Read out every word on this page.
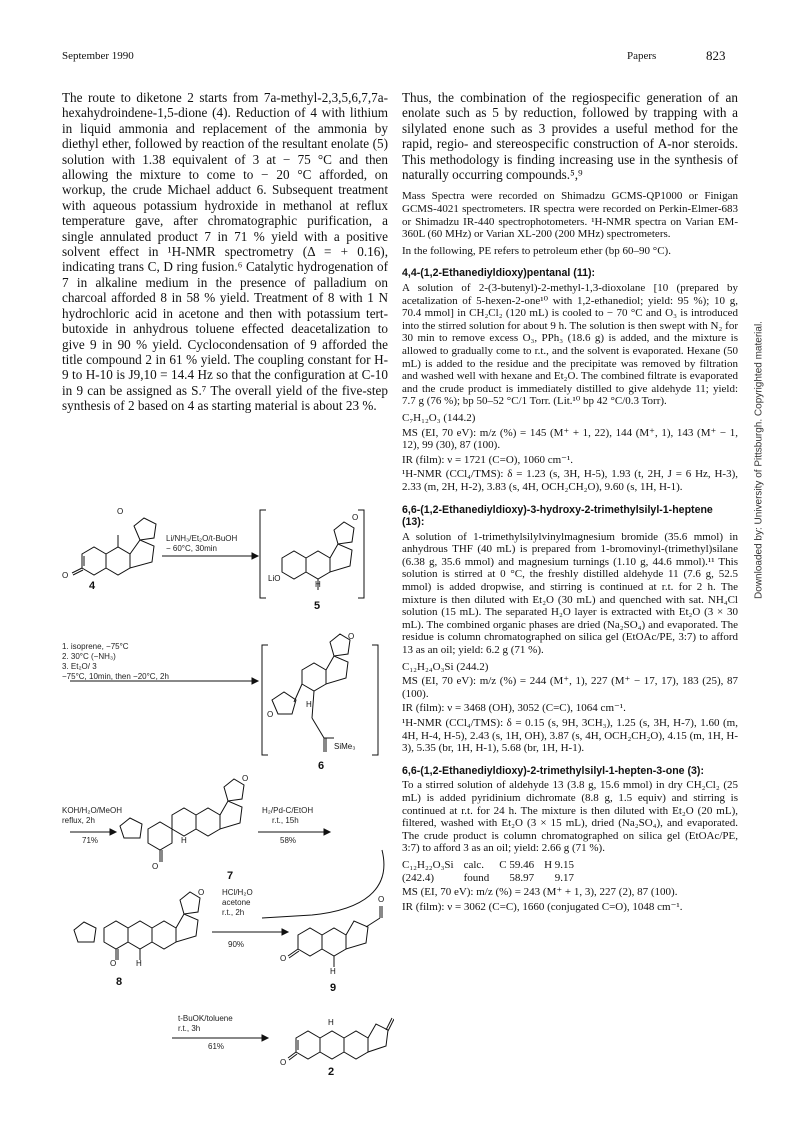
September 1990	Papers	823

The route to diketone 2 starts from 7a-methyl-2,3,5,6,7,7a-hexahydroindene-1,5-dione (4). Reduction of 4 with lithium in liquid ammonia and replacement of the ammonia by diethyl ether, followed by reaction of the resultant enolate (5) solution with 1.38 equivalent of 3 at − 75 °C and then allowing the mixture to come to − 20 °C afforded, on workup, the crude Michael adduct 6. Subsequent treatment with aqueous potassium hydroxide in methanol at reflux temperature gave, after chromatographic purification, a single annulated product 7 in 71 % yield with a positive solvent effect in ¹H-NMR spectrometry (Δ = + 0.16), indicating trans C, D ring fusion.⁶ Catalytic hydrogenation of 7 in alkaline medium in the presence of palladium on charcoal afforded 8 in 58 % yield. Treatment of 8 with 1 N hydrochloric acid in acetone and then with potassium tert-butoxide in anhydrous toluene effected deacetalization to give 9 in 90 % yield. Cyclocondensation of 9 afforded the title compound 2 in 61 % yield. The coupling constant for H-9 to H-10 is J9,10 = 14.4 Hz so that the configuration at C-10 in 9 can be assigned as S.⁷ The overall yield of the five-step synthesis of 2 based on 4 as starting material is about 23 %.

Thus, the combination of the regiospecific generation of an enolate such as 5 by reduction, followed by trapping with a silylated enone such as 3 provides a useful method for the rapid, regio- and stereospecific construction of A-nor steroids. This methodology is finding increasing use in the synthesis of naturally occurring compounds.⁵,⁹

Mass Spectra were recorded on Shimadzu GCMS-QP1000 or Finigan GCMS-4021 spectrometers. IR spectra were recorded on Perkin-Elmer-683 or Shimadzu IR-440 spectrophotometers. ¹H-NMR spectra on Varian EM-360L (60 MHz) or Varian XL-200 (200 MHz) spectrometers.

In the following, PE refers to petroleum ether (bp 60–90 °C).

4,4-(1,2-Ethanediyldioxy)pentanal (11):

A solution of 2-(3-butenyl)-2-methyl-1,3-dioxolane [10 (prepared by acetalization of 5-hexen-2-one¹⁰ with 1,2-ethanediol; yield: 95 %); 10 g, 70.4 mmol] in CH₂Cl₂ (120 mL) is cooled to − 70 °C and O₃ is introduced into the stirred solution for about 9 h. The solution is then swept with N₂ for 30 min to remove excess O₃, PPh₃ (18.6 g) is added, and the mixture is allowed to gradually come to r.t., and the solvent is evaporated. Hexane (50 mL) is added to the residue and the precipitate was removed by filtration and washed well with hexane and Et₂O. The combined filtrate is evaporated and the crude product is immediately distilled to give aldehyde 11; yield: 7.7 g (76 %); bp 50–52 °C/1 Torr. (Lit.¹⁰ bp 42 °C/0.3 Torr).

C₇H₁₂O₃ (144.2)

MS (EI, 70 eV): m/z (%) = 145 (M⁺ + 1, 22), 144 (M⁺, 1), 143 (M⁺ − 1, 12), 99 (30), 87 (100).

IR (film): ν = 1721 (C=O), 1060 cm⁻¹.

¹H-NMR (CCl₄/TMS): δ = 1.23 (s, 3H, H-5), 1.93 (t, 2H, J = 6 Hz, H-3), 2.33 (m, 2H, H-2), 3.83 (s, 4H, OCH₂CH₂O), 9.60 (s, 1H, H-1).

6,6-(1,2-Ethanediyldioxy)-3-hydroxy-2-trimethylsilyl-1-heptene (13):

A solution of 1-trimethylsilylvinylmagnesium bromide (35.6 mmol) in anhydrous THF (40 mL) is prepared from 1-bromovinyl-(trimethyl)silane (6.38 g, 35.6 mmol) and magnesium turnings (1.10 g, 44.6 mmol).¹¹ This solution is stirred at 0 °C, the freshly distilled aldehyde 11 (7.6 g, 52.5 mmol) is added dropwise, and stirring is continued at r.t. for 2 h. The mixture is then diluted with Et₂O (30 mL) and quenched with sat. NH₄Cl solution (15 mL). The separated H₂O layer is extracted with Et₂O (3 × 30 mL). The combined organic phases are dried (Na₂SO₄) and evaporated. The residue is column chromatographed on silica gel (EtOAc/PE, 3:7) to afford 13 as an oil; yield: 6.2 g (71 %).

C₁₂H₂₄O₃Si (244.2)

MS (EI, 70 eV): m/z (%) = 244 (M⁺, 1), 227 (M⁺ − 17, 17), 183 (25), 87 (100).

IR (film): ν = 3468 (OH), 3052 (C=C), 1064 cm⁻¹.

¹H-NMR (CCl₄/TMS): δ = 0.15 (s, 9H, 3CH₃), 1.25 (s, 3H, H-7), 1.60 (m, 4H, H-4, H-5), 2.43 (s, 1H, OH), 3.87 (s, 4H, OCH₂CH₂O), 4.15 (m, 1H, H-3), 5.35 (br, 1H, H-1), 5.68 (br, 1H, H-1).

6,6-(1,2-Ethanediyldioxy)-2-trimethylsilyl-1-hepten-3-one (3):

To a stirred solution of aldehyde 13 (3.8 g, 15.6 mmol) in dry CH₂Cl₂ (25 mL) is added pyridinium dichromate (8.8 g, 1.5 equiv) and stirring is continued at r.t. for 24 h. The mixture is then diluted with Et₂O (20 mL), filtered, washed with Et₂O (3 × 15 mL), dried (Na₂SO₄), and evaporated. The crude product is column chromatographed on silica gel (EtOAc/PE, 3:7) to afford 3 as an oil; yield: 2.66 g (71 %).

C₁₂H₂₂O₃Si	calc.	C 59.46	H 9.15
(242.4)	found	58.97	9.17

MS (EI, 70 eV): m/z (%) = 243 (M⁺ + 1, 3), 227 (2), 87 (100).

IR (film): ν = 3062 (C=C), 1660 (conjugated C=O), 1048 cm⁻¹.

Downloaded by: University of Pittsburgh. Copyrighted material.
O
O
4
Li/NH₃/Et₂O/t-BuOH
− 60°C, 30min
LiO
O
H
5
1. isoprene, −75°C
2. 30°C (−NH₃)
3. Et₂O/ 3
−75°C, 10min, then −20°C, 2h
O
O
H
SiMe₃
6
KOH/H₂O/MeOH
reflux, 2h
71%
O
H
O
7
H₂/Pd-C/EtOH
r.t., 15h
58%
O
O H
8
HCl/H₂O
acetone
r.t., 2h
90%
O
O
H
9
t-BuOK/toluene
r.t., 3h
61%
O
H
2
